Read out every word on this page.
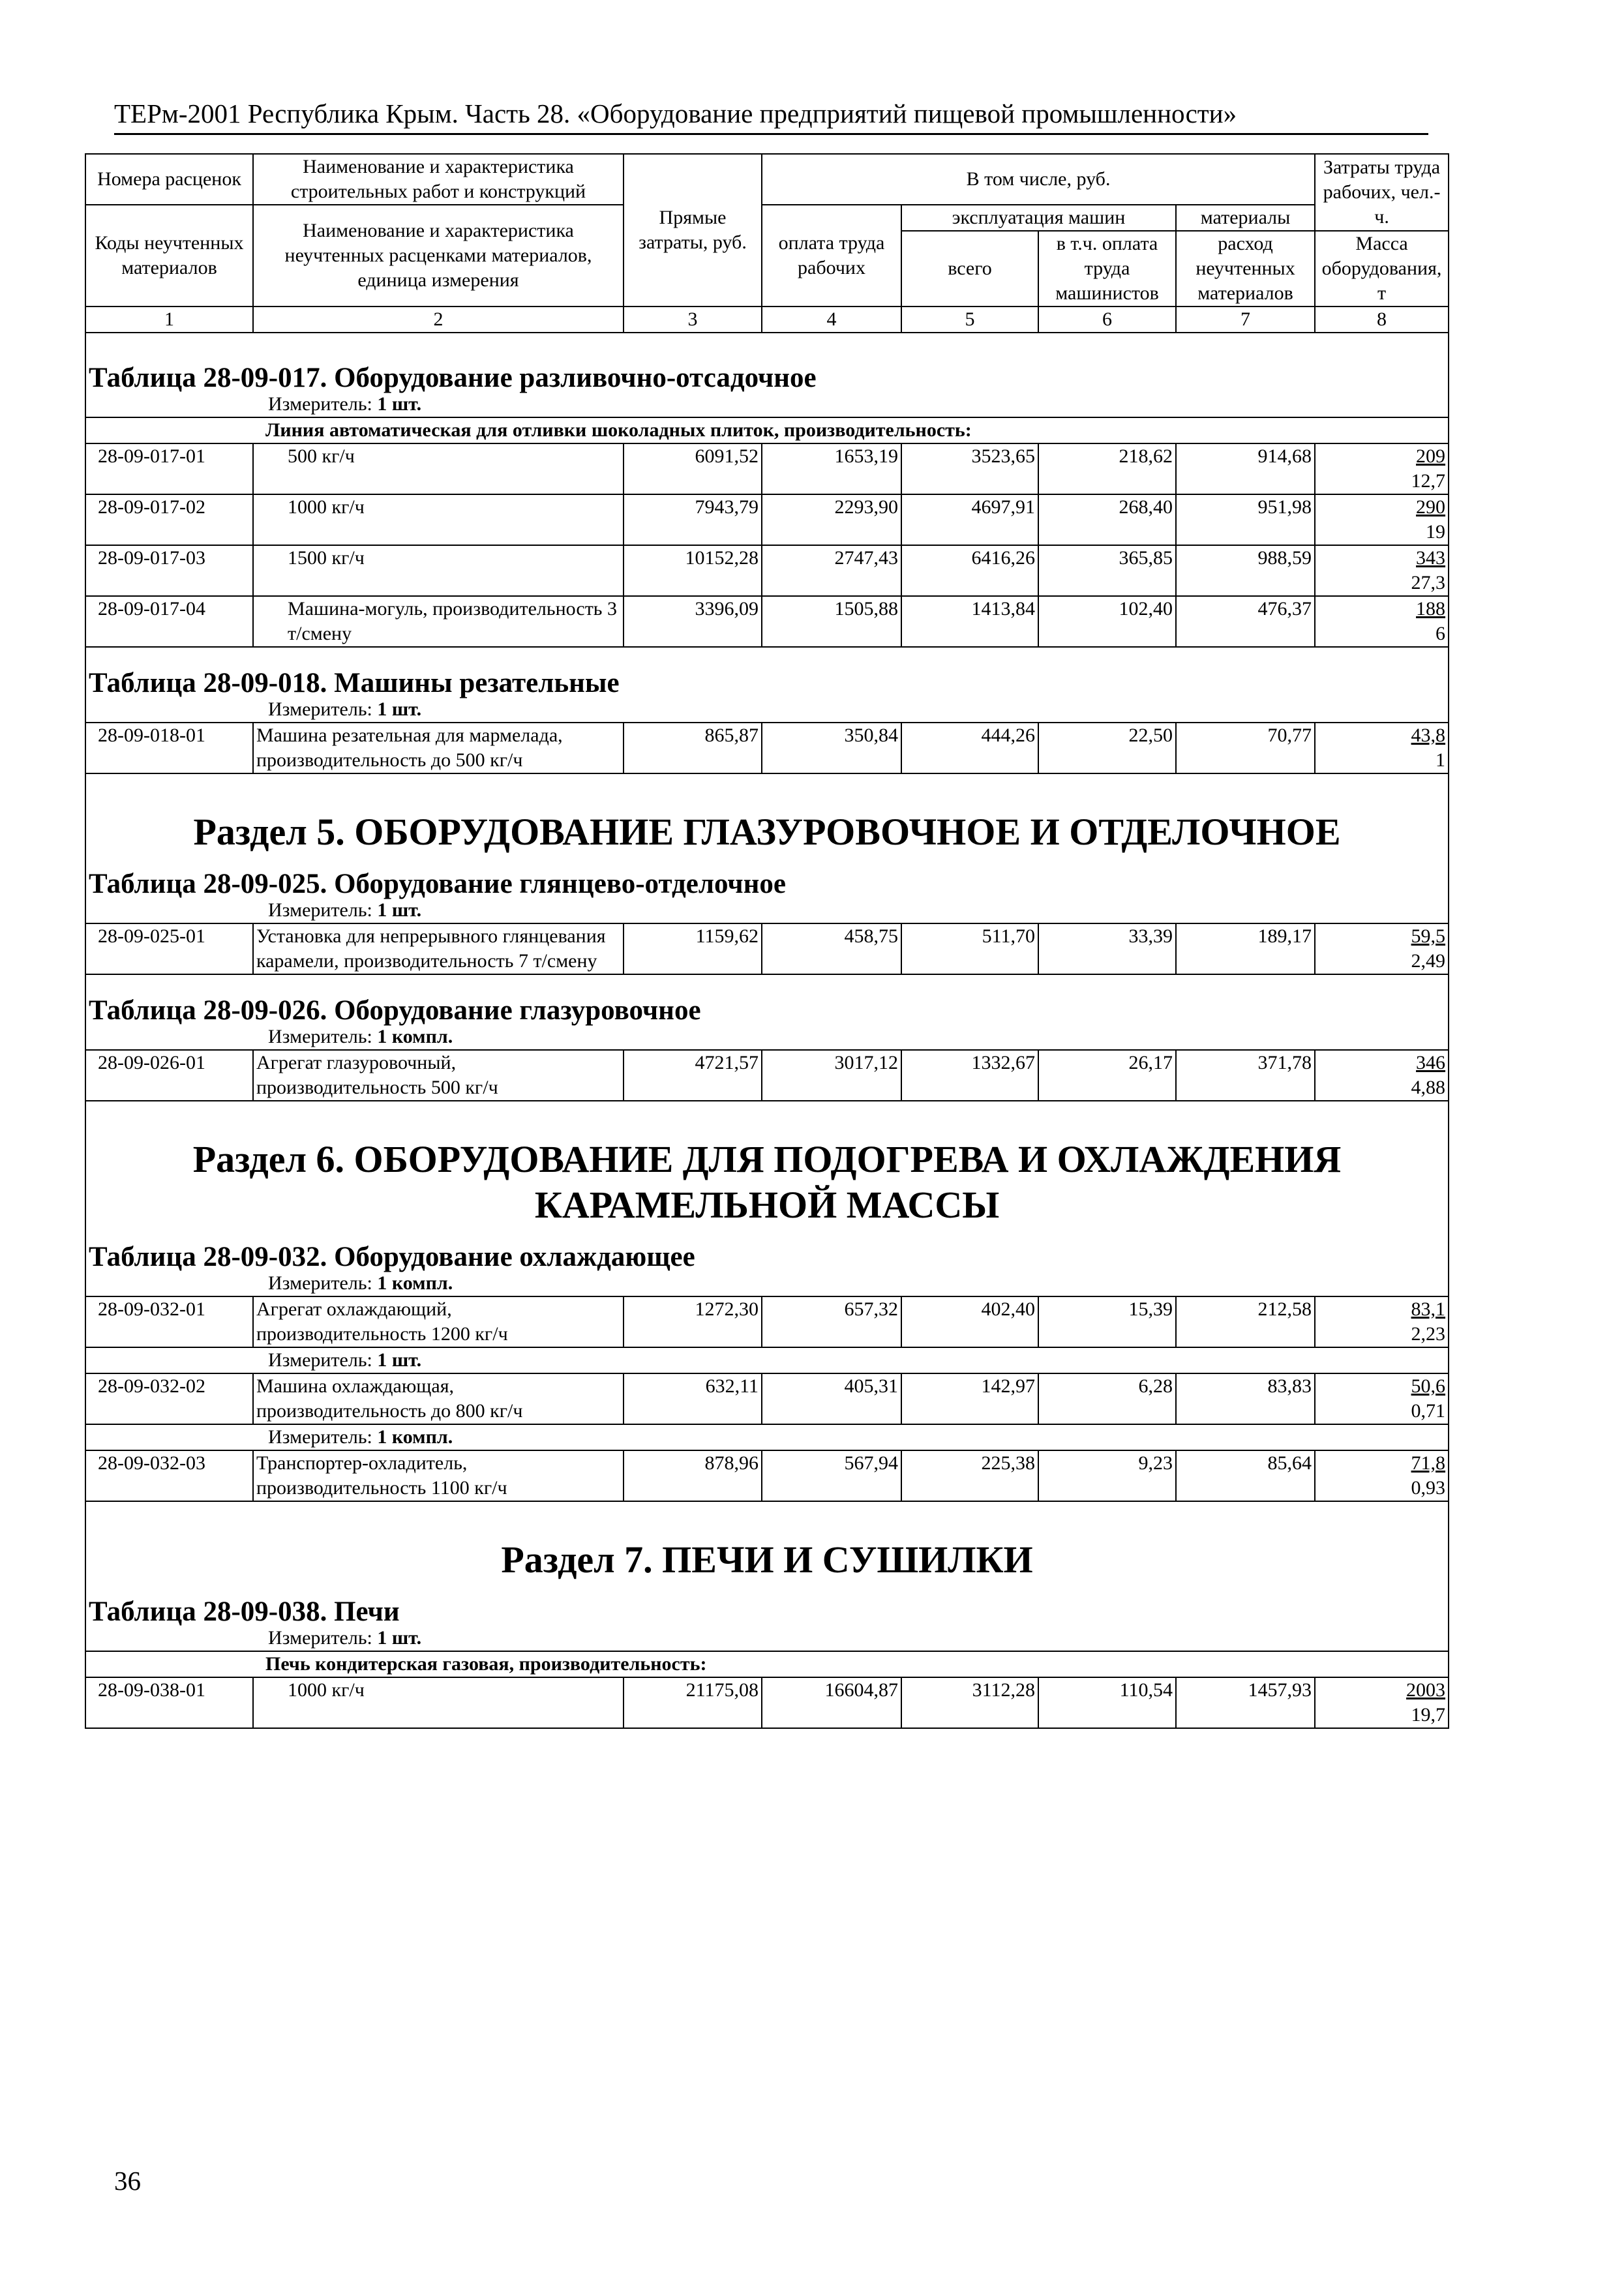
ТЕРм-2001 Республика Крым. Часть 28. «Оборудование предприятий пищевой промышленности»
Номера расценок	Наименование и характеристика строительных работ и конструкций	Прямые затраты, руб.	В том числе, руб.				Затраты труда рабочих, чел.-ч.
Коды неучтенных материалов	Наименование и характеристика неучтенных расценками материалов, единица измерения		оплата труда рабочих	эксплуатация машин		материалы	
				всего	в т.ч. оплата труда машинистов	расход неучтенных материалов	Масса оборудования, т
1	2	3	4	5	6	7	8

Таблица 28-09-017. Оборудование разливочно-отсадочное							

Измеритель: 1 шт.							

Линия автоматическая для отливки шоколадных плиток, производительность:							
28-09-017-01	500 кг/ч	6091,52	1653,19	3523,65	218,62	914,68	209
12,7

28-09-017-02	1000 кг/ч	7943,79	2293,90	4697,91	268,40	951,98	290
19

28-09-017-03	1500 кг/ч	10152,28	2747,43	6416,26	365,85	988,59	343
27,3

28-09-017-04	Машина-могуль, производительность 3 т/смену	3396,09	1505,88	1413,84	102,40	476,37	188
6

Таблица 28-09-018. Машины резательные							

Измеритель: 1 шт.							

28-09-018-01	Машина резательная для мармелада, производительность до 500 кг/ч	865,87	350,84	444,26	22,50	70,77	43,8
1

Раздел 5. ОБОРУДОВАНИЕ ГЛАЗУРОВОЧНОЕ И ОТДЕЛОЧНОЕ
Таблица 28-09-025. Оборудование глянцево-отделочное							

Измеритель: 1 шт.							

28-09-025-01	Установка для непрерывного глянцевания карамели, производительность 7 т/смену	1159,62	458,75	511,70	33,39	189,17	59,5
2,49

Таблица 28-09-026. Оборудование глазуровочное							

Измеритель: 1 компл.							

28-09-026-01	Агрегат глазуровочный, производительность 500 кг/ч	4721,57	3017,12	1332,67	26,17	371,78	346
4,88

Раздел 6. ОБОРУДОВАНИЕ ДЛЯ ПОДОГРЕВА И ОХЛАЖДЕНИЯ КАРАМЕЛЬНОЙ МАССЫ
Таблица 28-09-032. Оборудование охлаждающее							

Измеритель: 1 компл.							

28-09-032-01	Агрегат охлаждающий, производительность 1200 кг/ч	1272,30	657,32	402,40	15,39	212,58	83,1
2,23

Измеритель: 1 шт.							

28-09-032-02	Машина охлаждающая, производительность до 800 кг/ч	632,11	405,31	142,97	6,28	83,83	50,6
0,71

Измеритель: 1 компл.							

28-09-032-03	Транспортер-охладитель, производительность 1100 кг/ч	878,96	567,94	225,38	9,23	85,64	71,8
0,93

Раздел 7. ПЕЧИ И СУШИЛКИ
Таблица 28-09-038. Печи							

Измеритель: 1 шт.							

Печь кондитерская газовая, производительность:							
28-09-038-01	1000 кг/ч	21175,08	16604,87	3112,28	110,54	1457,93	2003
19,7
36
